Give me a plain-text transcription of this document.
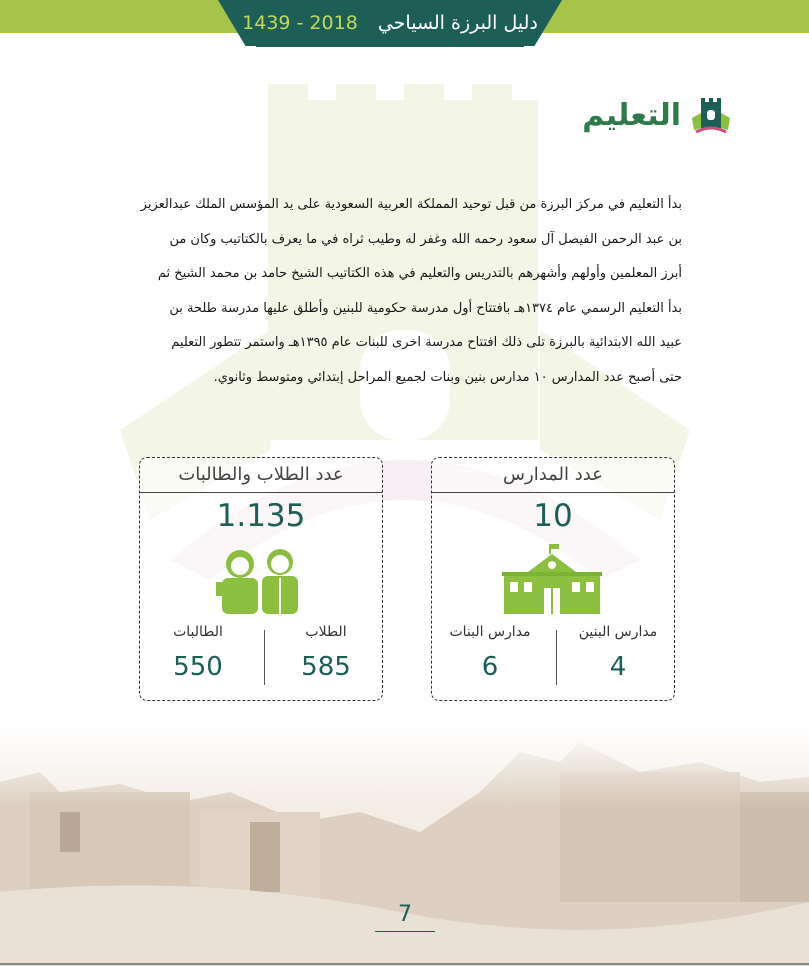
دليل البرزة السياحي 1439 - 2018
التعليم
بدأ التعليم في مركز البرزة من قبل توحيد المملكة العربية السعودية على يد المؤسس الملك عبدالعزيز
بن عبد الرحمن الفيصل آل سعود رحمه الله وغفر له وطيب ثراه في ما يعرف بالكتاتيب وكان من
أبرز المعلمين وأولهم وأشهرهم بالتدريس والتعليم في هذه الكتاتيب الشيخ حامد بن محمد الشيخ ثم
بدأ التعليم الرسمي عام ١٣٧٤هـ بافتتاح أول مدرسة حكومية للبنين وأطلق عليها مدرسة طلحة بن
عبيد الله الابتدائية بالبرزة تلى ذلك افتتاح مدرسة اخرى للبنات عام ١٣٩٥هـ واستمر تتطور التعليم
حتى أصبح عدد المدارس ١٠ مدارس بنين وبنات لجميع المراحل إبتدائي ومتوسط وثانوي.
عدد الطلاب والطالبات
1.135
الطلاب
585
الطالبات
550
عدد المدارس
10
مدارس البنين
4
مدارس البنات
6
7
